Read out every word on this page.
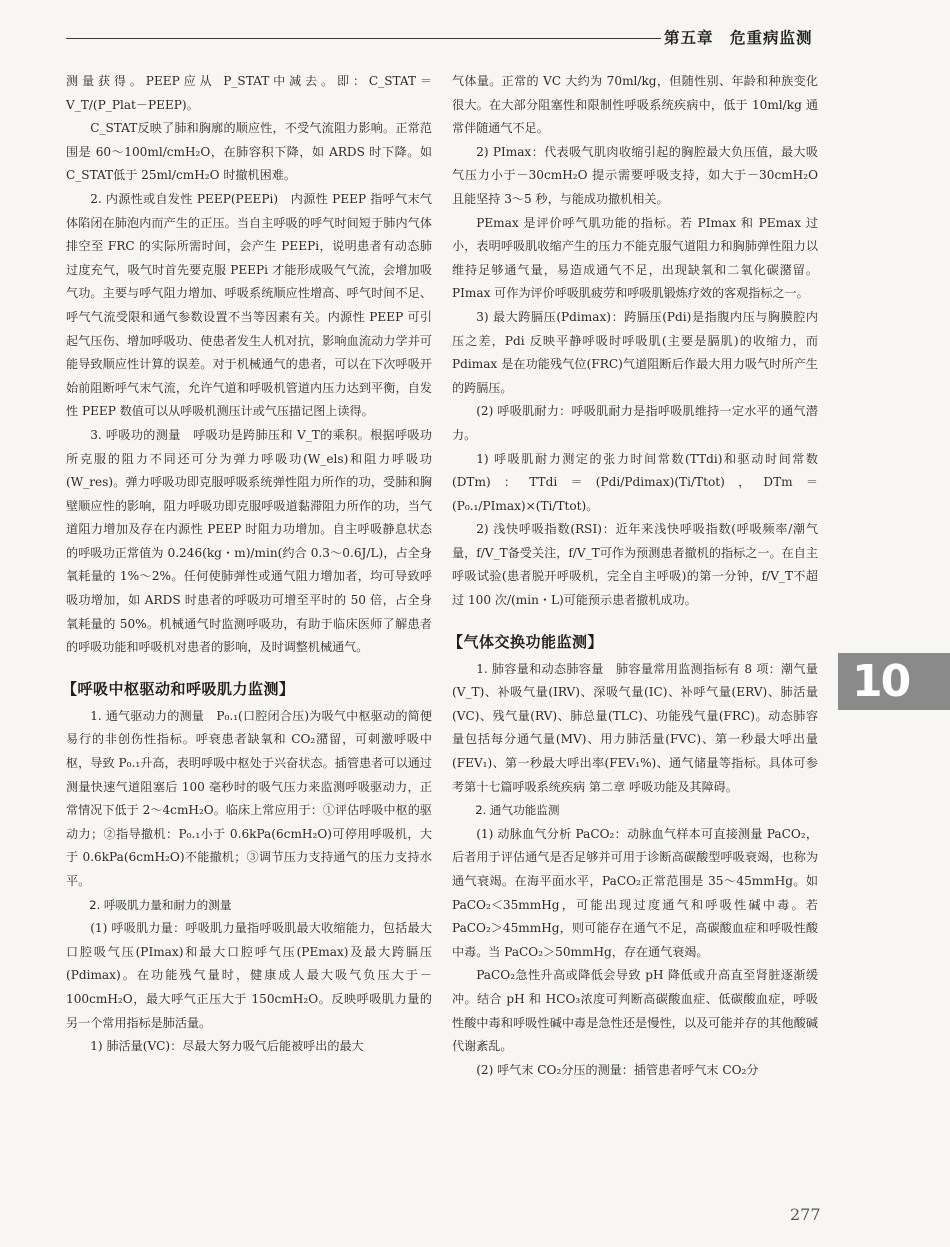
第五章　危重病监测

测量获得。PEEP应从 P_STAT中减去。即：C_STAT＝V_T/(P_Plat－PEEP)。

C_STAT反映了肺和胸廓的顺应性，不受气流阻力影响。正常范围是 60～100ml/cmH₂O，在肺容积下降，如 ARDS 时下降。如 C_STAT低于 25ml/cmH₂O 时撤机困难。

2. 内源性或自发性 PEEP(PEEPi)　内源性 PEEP 指呼气末气体陷闭在肺泡内而产生的正压。当自主呼吸的呼气时间短于肺内气体排空至 FRC 的实际所需时间，会产生 PEEPi，说明患者有动态肺过度充气，吸气时首先要克服 PEEPi 才能形成吸气气流，会增加吸气功。主要与呼气阻力增加、呼吸系统顺应性增高、呼气时间不足、呼气气流受限和通气参数设置不当等因素有关。内源性 PEEP 可引起气压伤、增加呼吸功、使患者发生人机对抗，影响血流动力学并可能导致顺应性计算的误差。对于机械通气的患者，可以在下次呼吸开始前阻断呼气末气流，允许气道和呼吸机管道内压力达到平衡，自发性 PEEP 数值可以从呼吸机测压计或气压描记图上读得。

3. 呼吸功的测量　呼吸功是跨肺压和 V_T的乘积。根据呼吸功所克服的阻力不同还可分为弹力呼吸功(W_els)和阻力呼吸功(W_res)。弹力呼吸功即克服呼吸系统弹性阻力所作的功，受肺和胸壁顺应性的影响，阻力呼吸功即克服呼吸道黏滞阻力所作的功，当气道阻力增加及存在内源性 PEEP 时阻力功增加。自主呼吸静息状态的呼吸功正常值为 0.246(kg・m)/min(约合 0.3～0.6J/L)，占全身氧耗量的 1%～2%。任何使肺弹性或通气阻力增加者，均可导致呼吸功增加，如 ARDS 时患者的呼吸功可增至平时的 50 倍，占全身氧耗量的 50%。机械通气时监测呼吸功，有助于临床医师了解患者的呼吸功能和呼吸机对患者的影响，及时调整机械通气。

【呼吸中枢驱动和呼吸肌力监测】

1. 通气驱动力的测量　P₀.₁(口腔闭合压)为吸气中枢驱动的简便易行的非创伤性指标。呼衰患者缺氧和 CO₂潴留，可刺激呼吸中枢，导致 P₀.₁升高，表明呼吸中枢处于兴奋状态。插管患者可以通过测量快速气道阻塞后 100 毫秒时的吸气压力来监测呼吸驱动力，正常情况下低于 2～4cmH₂O。临床上常应用于：①评估呼吸中枢的驱动力；②指导撤机：P₀.₁小于 0.6kPa(6cmH₂O)可停用呼吸机，大于 0.6kPa(6cmH₂O)不能撤机；③调节压力支持通气的压力支持水平。

2. 呼吸肌力量和耐力的测量

(1) 呼吸肌力量：呼吸肌力量指呼吸肌最大收缩能力，包括最大口腔吸气压(PImax)和最大口腔呼气压(PEmax)及最大跨膈压(Pdimax)。在功能残气量时，健康成人最大吸气负压大于－100cmH₂O，最大呼气正压大于 150cmH₂O。反映呼吸肌力量的另一个常用指标是肺活量。

1) 肺活量(VC)：尽最大努力吸气后能被呼出的最大

气体量。正常的 VC 大约为 70ml/kg，但随性别、年龄和种族变化很大。在大部分阻塞性和限制性呼吸系统疾病中，低于 10ml/kg 通常伴随通气不足。

2) PImax：代表吸气肌肉收缩引起的胸腔最大负压值，最大吸气压力小于－30cmH₂O 提示需要呼吸支持，如大于－30cmH₂O 且能坚持 3～5 秒，与能成功撤机相关。

PEmax 是评价呼气肌功能的指标。若 PImax 和 PEmax 过小，表明呼吸肌收缩产生的压力不能克服气道阻力和胸肺弹性阻力以维持足够通气量，易造成通气不足，出现缺氧和二氧化碳潴留。PImax 可作为评价呼吸肌疲劳和呼吸肌锻炼疗效的客观指标之一。

3) 最大跨膈压(Pdimax)：跨膈压(Pdi)是指腹内压与胸膜腔内压之差，Pdi 反映平静呼吸时呼吸肌(主要是膈肌)的收缩力，而 Pdimax 是在功能残气位(FRC)气道阻断后作最大用力吸气时所产生的跨膈压。

(2) 呼吸肌耐力：呼吸肌耐力是指呼吸肌维持一定水平的通气潜力。

1) 呼吸肌耐力测定的张力时间常数(TTdi)和驱动时间常数(DTm)：TTdi＝(Pdi/Pdimax)(Ti/Ttot)，DTm＝(P₀.₁/PImax)×(Ti/Ttot)。

2) 浅快呼吸指数(RSI)：近年来浅快呼吸指数(呼吸频率/潮气量，f/V_T备受关注，f/V_T可作为预测患者撤机的指标之一。在自主呼吸试验(患者脱开呼吸机，完全自主呼吸)的第一分钟，f/V_T不超过 100 次/(min・L)可能预示患者撤机成功。

【气体交换功能监测】

1. 肺容量和动态肺容量　肺容量常用监测指标有 8 项：潮气量(V_T)、补吸气量(IRV)、深吸气量(IC)、补呼气量(ERV)、肺活量(VC)、残气量(RV)、肺总量(TLC)、功能残气量(FRC)。动态肺容量包括每分通气量(MV)、用力肺活量(FVC)、第一秒最大呼出量(FEV₁)、第一秒最大呼出率(FEV₁%)、通气储量等指标。具体可参考第十七篇呼吸系统疾病 第二章 呼吸功能及其障碍。

2. 通气功能监测

(1) 动脉血气分析 PaCO₂：动脉血气样本可直接测量 PaCO₂，后者用于评估通气是否足够并可用于诊断高碳酸型呼吸衰竭，也称为通气衰竭。在海平面水平，PaCO₂正常范围是 35～45mmHg。如 PaCO₂＜35mmHg，可能出现过度通气和呼吸性碱中毒。若 PaCO₂＞45mmHg，则可能存在通气不足，高碳酸血症和呼吸性酸中毒。当 PaCO₂＞50mmHg，存在通气衰竭。

PaCO₂急性升高或降低会导致 pH 降低或升高直至肾脏逐渐缓冲。结合 pH 和 HCO₃浓度可判断高碳酸血症、低碳酸血症，呼吸性酸中毒和呼吸性碱中毒是急性还是慢性，以及可能并存的其他酸碱代谢紊乱。

(2) 呼气末 CO₂分压的测量：插管患者呼气末 CO₂分

10
277
